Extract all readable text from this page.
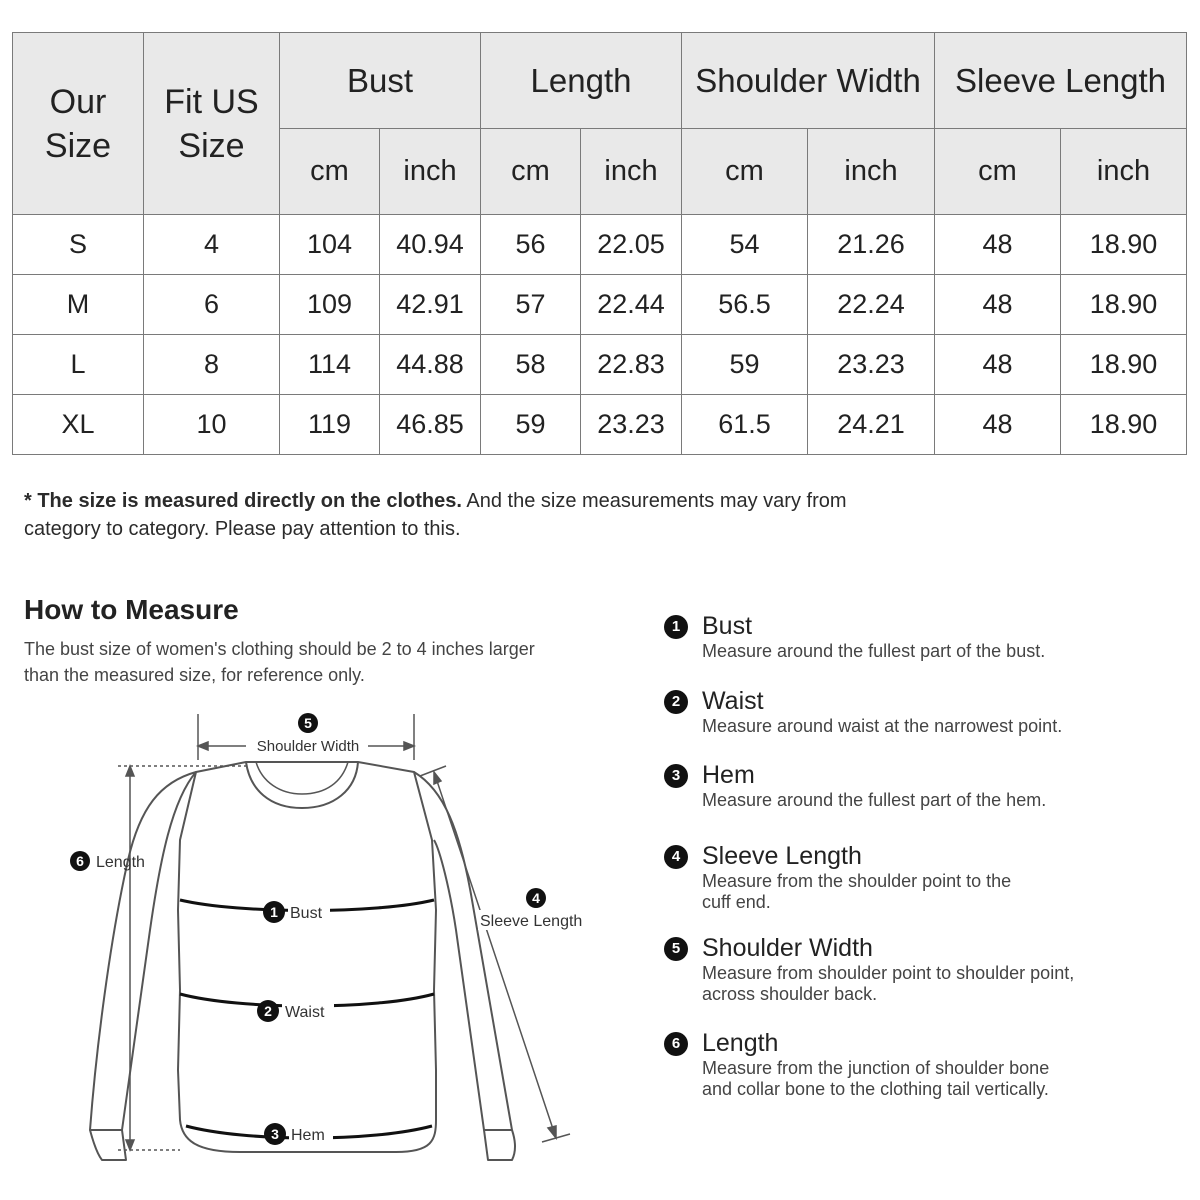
Our Size	Fit US Size	Bust		Length		Shoulder Width		Sleeve Length	
		cm	inch	cm	inch	cm	inch	cm	inch
S	4	104	40.94	56	22.05	54	21.26	48	18.90
M	6	109	42.91	57	22.44	56.5	22.24	48	18.90
L	8	114	44.88	58	22.83	59	23.23	48	18.90
XL	10	119	46.85	59	23.23	61.5	24.21	48	18.90
* The size is measured directly on the clothes. And the size measurements may vary from category to category. Please pay attention to this.
How to Measure
The bust size of women's clothing should be 2 to 4 inches larger than the measured size, for reference only.
5
Shoulder Width
6 Length
1 Bust
2 Waist
3 Hem
4
Sleeve Length
1 Bust
Measure around the fullest part of the bust.
2 Waist
Measure around waist at the narrowest point.
3 Hem
Measure around the fullest part of the hem.
4 Sleeve Length
Measure from the shoulder point to the
cuff end.
5 Shoulder Width
Measure from shoulder point to shoulder point,
across shoulder back.
6 Length
Measure from the junction of shoulder bone
and collar bone to the clothing tail vertically.
